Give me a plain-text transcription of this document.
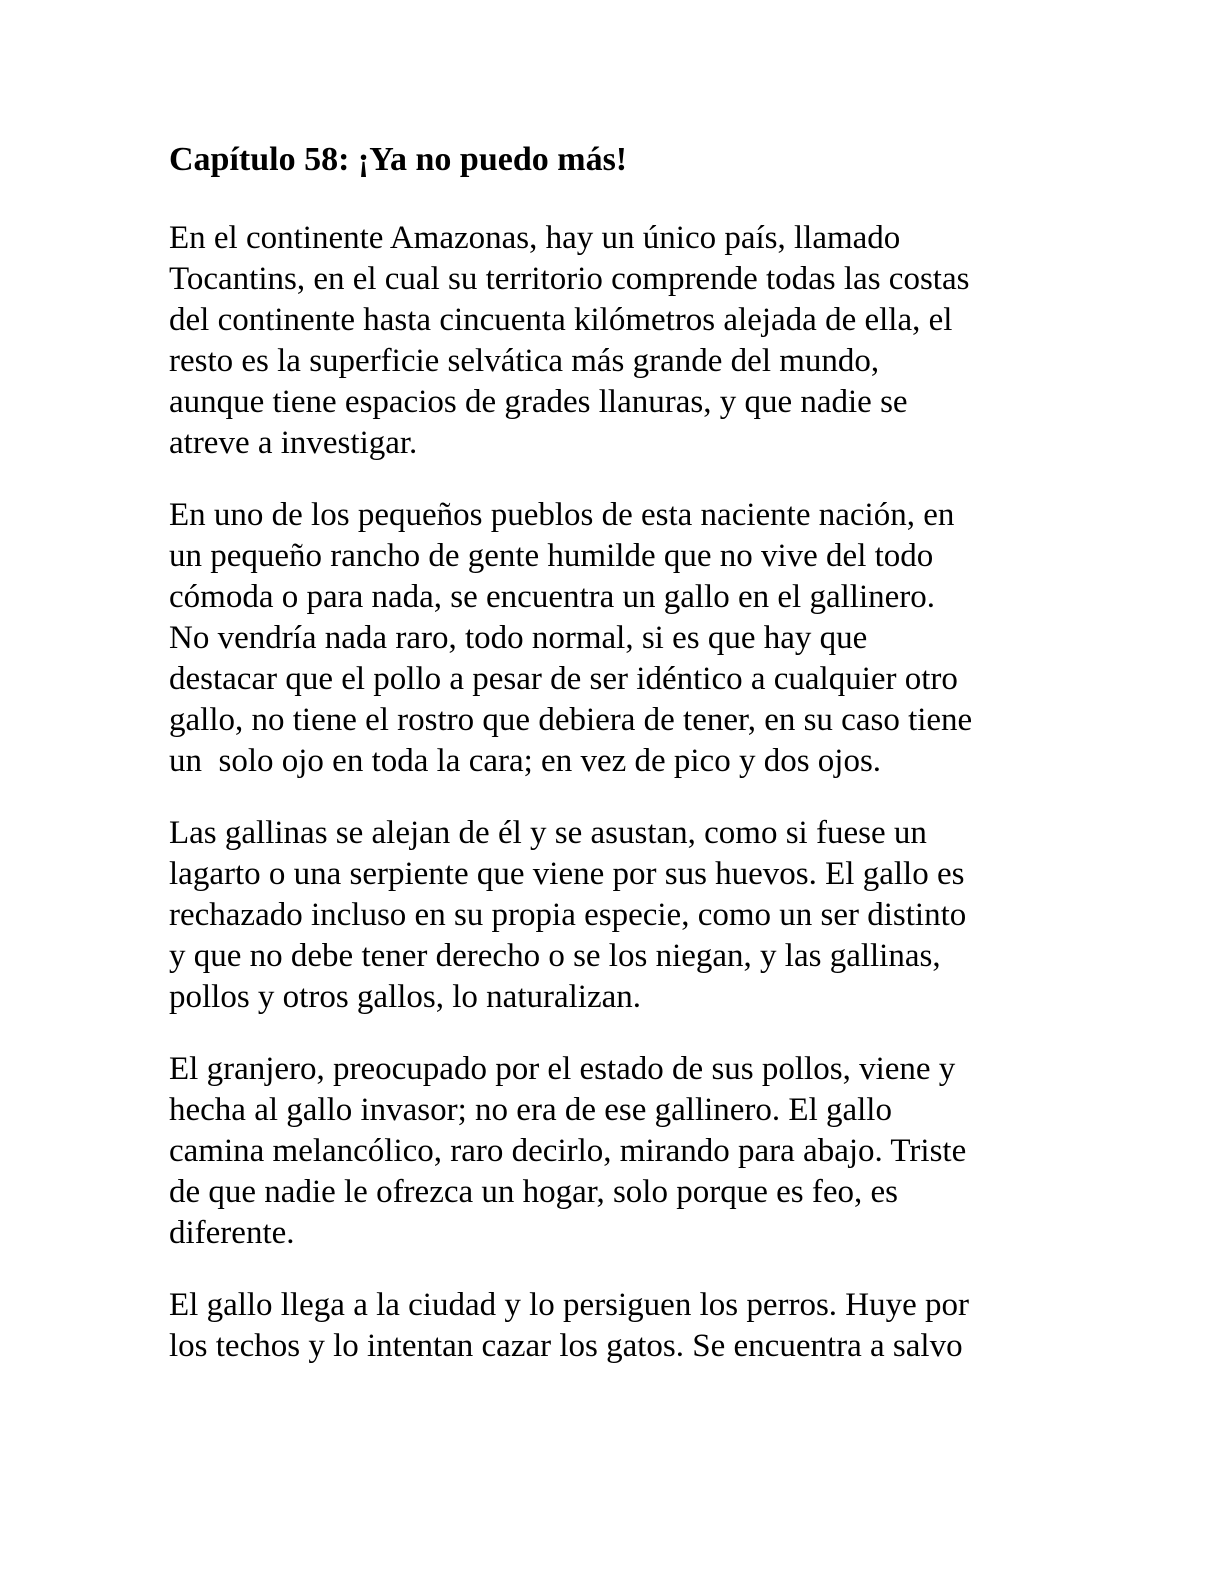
Capítulo 58: ¡Ya no puedo más!

En el continente Amazonas, hay un único país, llamado
Tocantins, en el cual su territorio comprende todas las costas
del continente hasta cincuenta kilómetros alejada de ella, el
resto es la superficie selvática más grande del mundo,
aunque tiene espacios de grades llanuras, y que nadie se
atreve a investigar.

En uno de los pequeños pueblos de esta naciente nación, en
un pequeño rancho de gente humilde que no vive del todo
cómoda o para nada, se encuentra un gallo en el gallinero.
No vendría nada raro, todo normal, si es que hay que
destacar que el pollo a pesar de ser idéntico a cualquier otro
gallo, no tiene el rostro que debiera de tener, en su caso tiene
un  solo ojo en toda la cara; en vez de pico y dos ojos.

Las gallinas se alejan de él y se asustan, como si fuese un
lagarto o una serpiente que viene por sus huevos. El gallo es
rechazado incluso en su propia especie, como un ser distinto
y que no debe tener derecho o se los niegan, y las gallinas,
pollos y otros gallos, lo naturalizan.

El granjero, preocupado por el estado de sus pollos, viene y
hecha al gallo invasor; no era de ese gallinero. El gallo
camina melancólico, raro decirlo, mirando para abajo. Triste
de que nadie le ofrezca un hogar, solo porque es feo, es
diferente.

El gallo llega a la ciudad y lo persiguen los perros. Huye por
los techos y lo intentan cazar los gatos. Se encuentra a salvo
